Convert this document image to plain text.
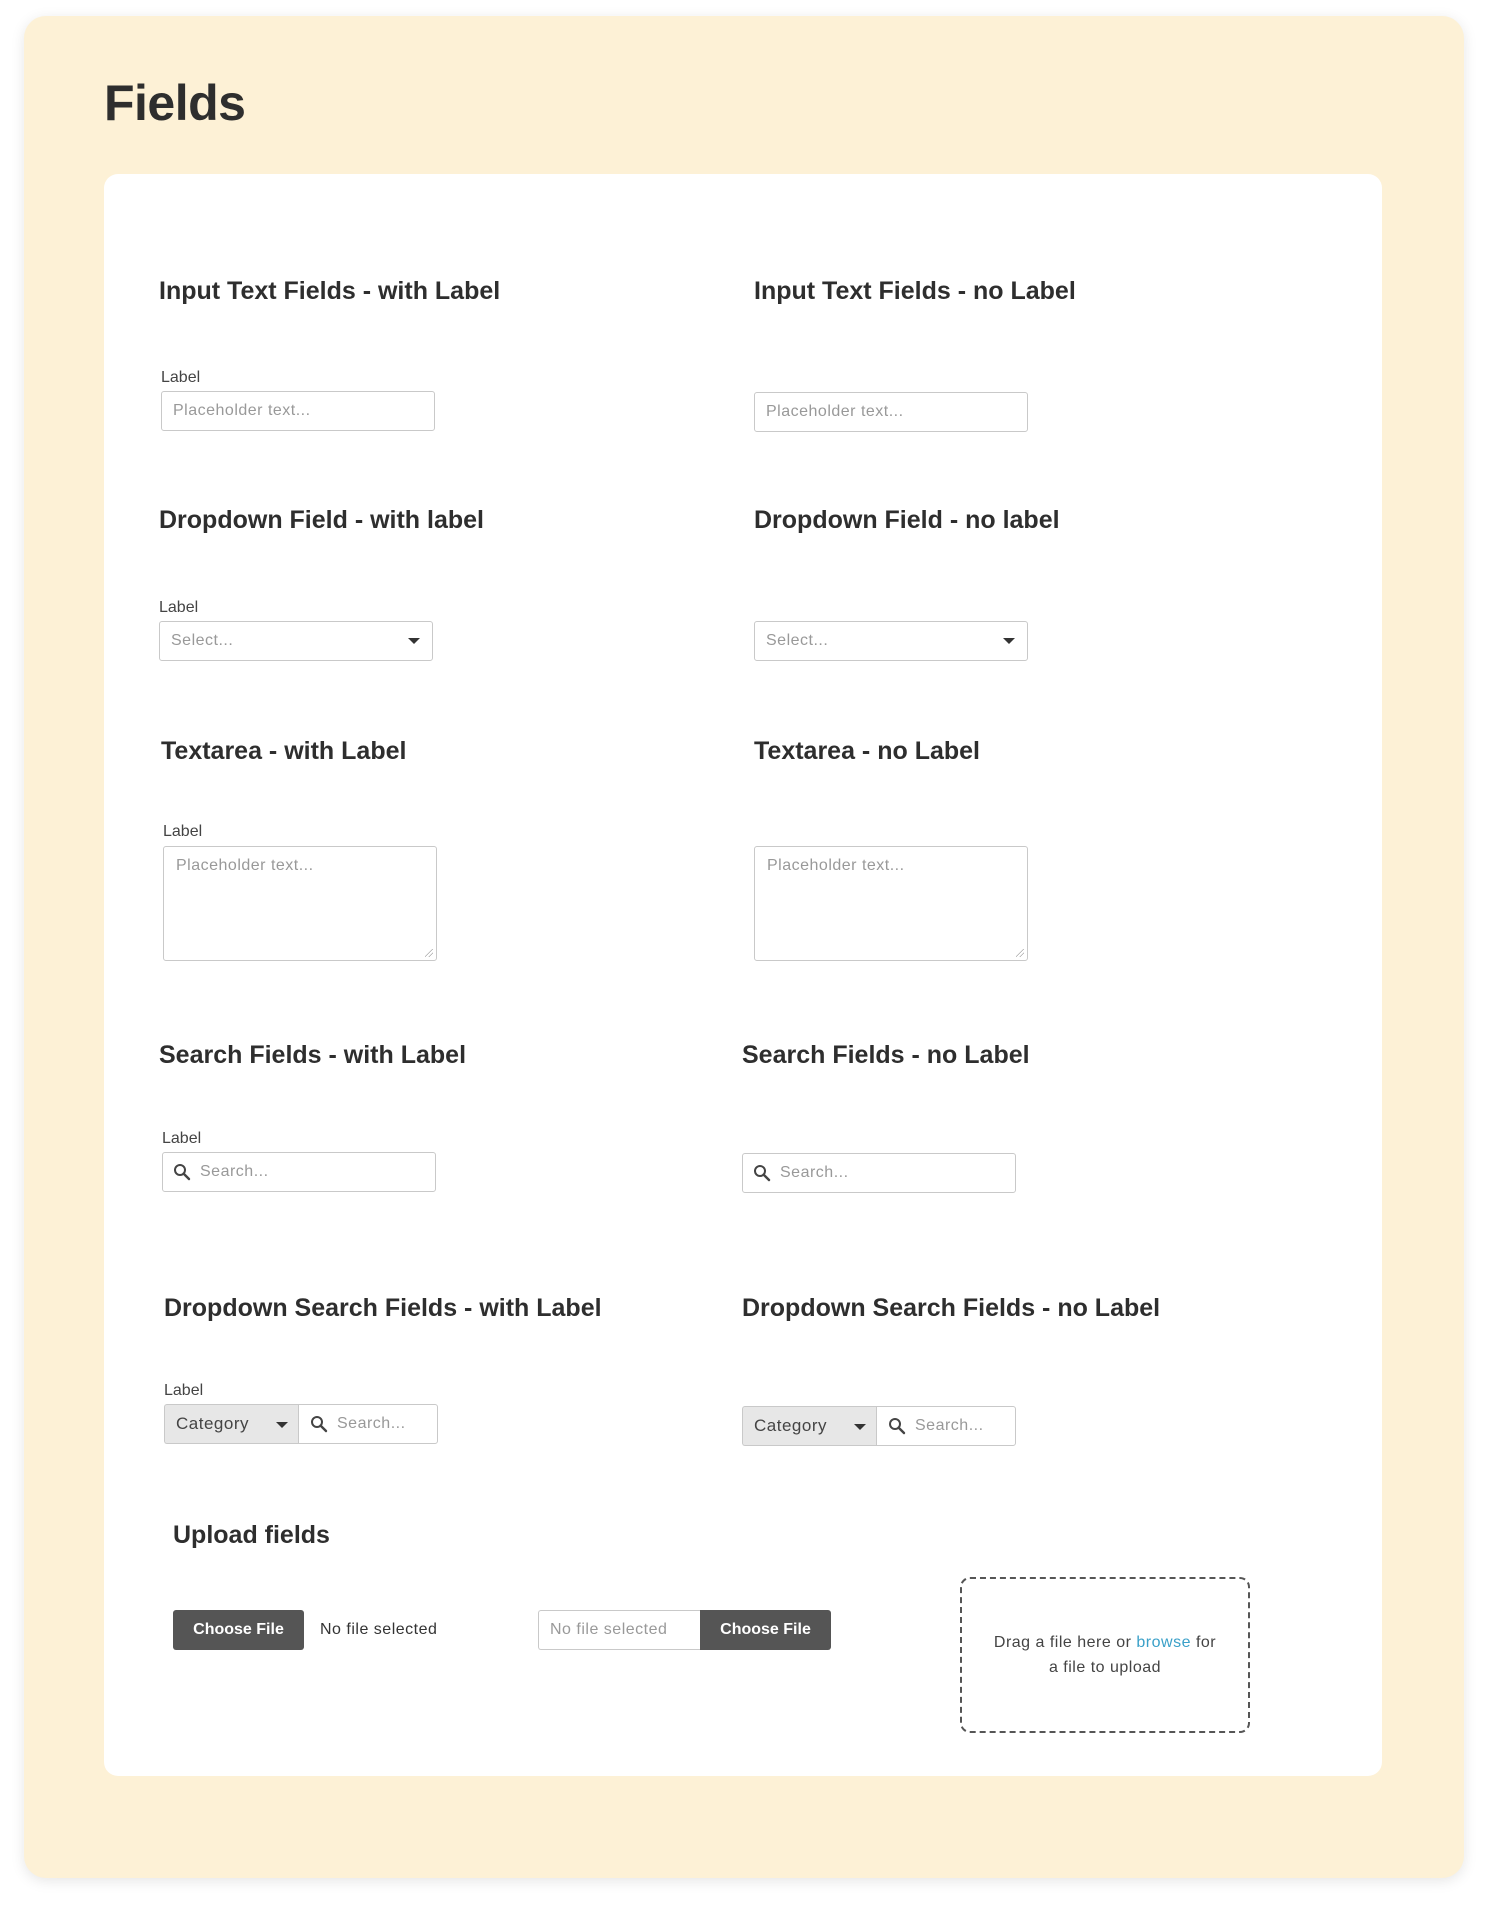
Fields
Input Text Fields - with Label
Label
Placeholder text...
Input Text Fields - no Label
Placeholder text...
Dropdown Field - with label
Label
Select...
Dropdown Field - no label
Select...
Textarea - with Label
Label
Placeholder text...
Textarea - no Label
Placeholder text...
Search Fields - with Label
Label
Search...
Search Fields - no Label
Search...
Dropdown Search Fields - with Label
Label
Category	Search...
Dropdown Search Fields - no Label
Category	Search...
Upload fields
Choose File	No file selected	No file selected	Choose File
Drag a file here or browse for a file to upload
